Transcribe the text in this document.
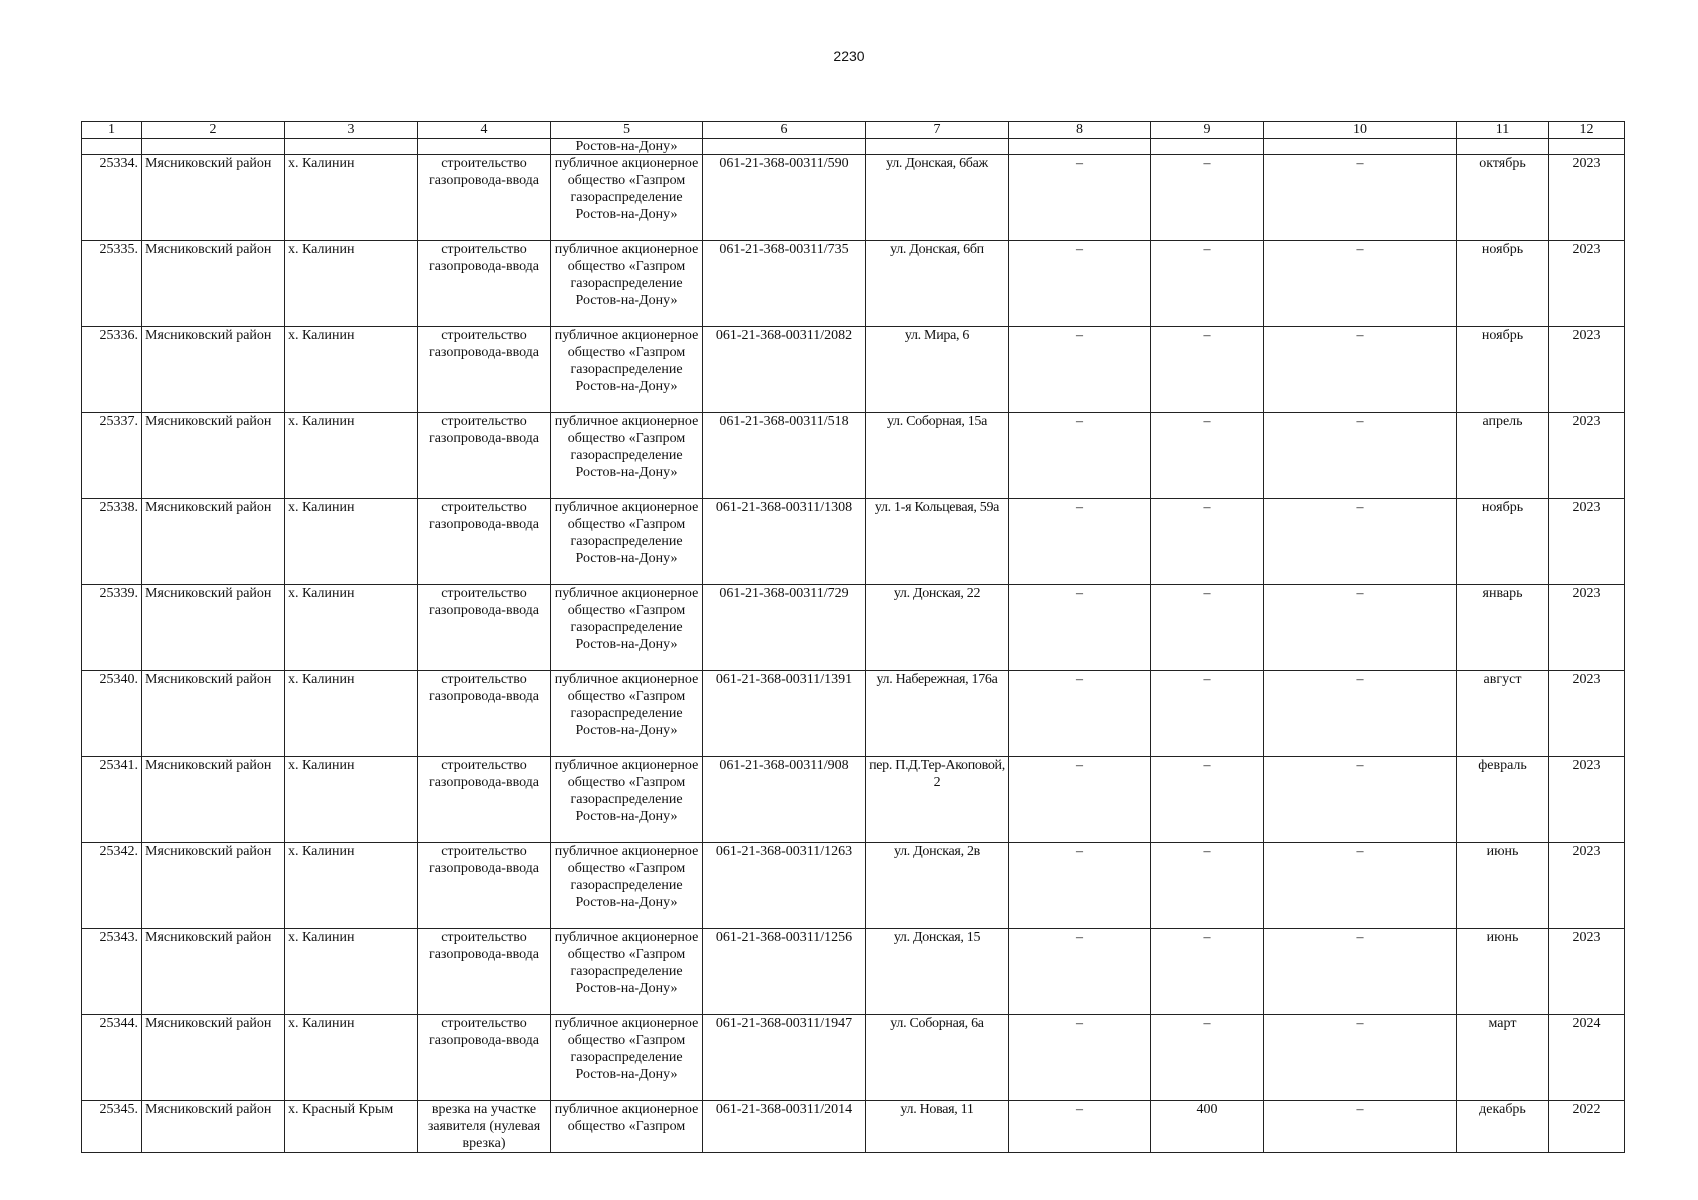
2230
1	2	3	4	5	6	7	8	9	10	11	12
				Ростов-на-Дону»							
25334.	Мясниковский район	х. Калинин	строительство газопровода-ввода	публичное акционерное общество «Газпром газораспределение Ростов-на-Дону»	061-21-368-00311/590	ул. Донская, 6баж	–	–	–	октябрь	2023
25335.	Мясниковский район	х. Калинин	строительство газопровода-ввода	публичное акционерное общество «Газпром газораспределение Ростов-на-Дону»	061-21-368-00311/735	ул. Донская, 6бп	–	–	–	ноябрь	2023
25336.	Мясниковский район	х. Калинин	строительство газопровода-ввода	публичное акционерное общество «Газпром газораспределение Ростов-на-Дону»	061-21-368-00311/2082	ул. Мира, 6	–	–	–	ноябрь	2023
25337.	Мясниковский район	х. Калинин	строительство газопровода-ввода	публичное акционерное общество «Газпром газораспределение Ростов-на-Дону»	061-21-368-00311/518	ул. Соборная, 15а	–	–	–	апрель	2023
25338.	Мясниковский район	х. Калинин	строительство газопровода-ввода	публичное акционерное общество «Газпром газораспределение Ростов-на-Дону»	061-21-368-00311/1308	ул. 1-я Кольцевая, 59а	–	–	–	ноябрь	2023
25339.	Мясниковский район	х. Калинин	строительство газопровода-ввода	публичное акционерное общество «Газпром газораспределение Ростов-на-Дону»	061-21-368-00311/729	ул. Донская, 22	–	–	–	январь	2023
25340.	Мясниковский район	х. Калинин	строительство газопровода-ввода	публичное акционерное общество «Газпром газораспределение Ростов-на-Дону»	061-21-368-00311/1391	ул. Набережная, 176а	–	–	–	август	2023
25341.	Мясниковский район	х. Калинин	строительство газопровода-ввода	публичное акционерное общество «Газпром газораспределение Ростов-на-Дону»	061-21-368-00311/908	пер. П.Д.Тер-Акоповой, 2	–	–	–	февраль	2023
25342.	Мясниковский район	х. Калинин	строительство газопровода-ввода	публичное акционерное общество «Газпром газораспределение Ростов-на-Дону»	061-21-368-00311/1263	ул. Донская, 2в	–	–	–	июнь	2023
25343.	Мясниковский район	х. Калинин	строительство газопровода-ввода	публичное акционерное общество «Газпром газораспределение Ростов-на-Дону»	061-21-368-00311/1256	ул. Донская, 15	–	–	–	июнь	2023
25344.	Мясниковский район	х. Калинин	строительство газопровода-ввода	публичное акционерное общество «Газпром газораспределение Ростов-на-Дону»	061-21-368-00311/1947	ул. Соборная, 6а	–	–	–	март	2024
25345.	Мясниковский район	х. Красный Крым	врезка на участке заявителя (нулевая врезка)	публичное акционерное общество «Газпром	061-21-368-00311/2014	ул. Новая, 11	–	400	–	декабрь	2022
